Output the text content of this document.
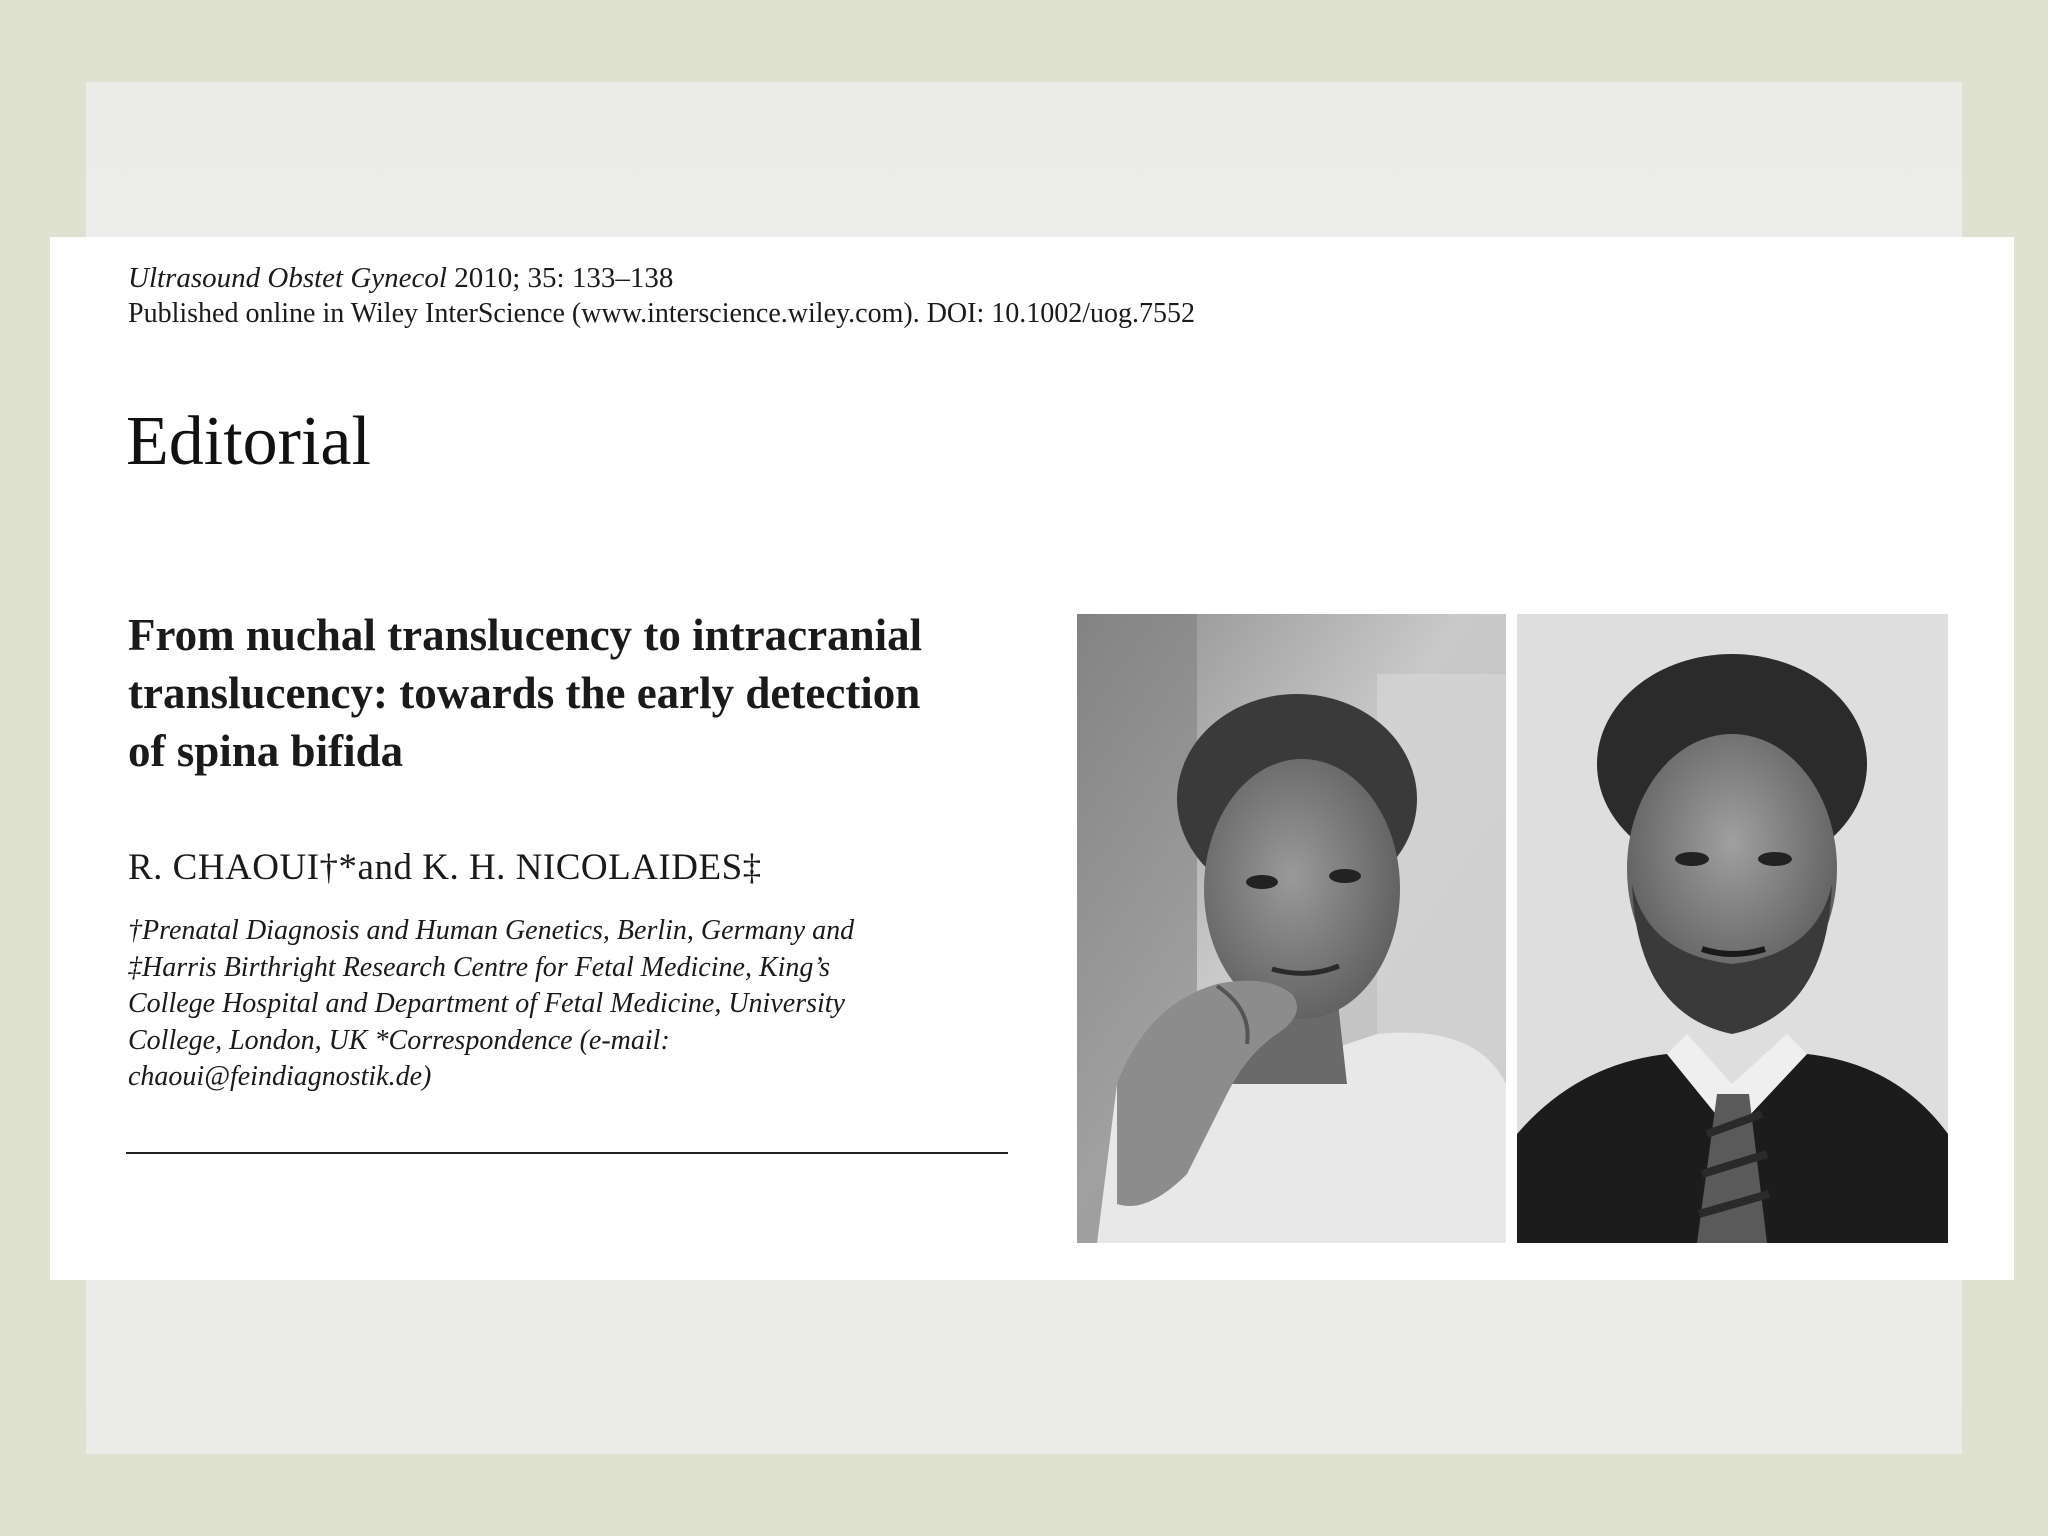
Ultrasound Obstet Gynecol 2010; 35: 133–138
Published online in Wiley InterScience (www.interscience.wiley.com). DOI: 10.1002/uog.7552
Editorial
From nuchal translucency to intracranial
translucency: towards the early detection
of spina bifida
R. CHAOUI†*and K. H. NICOLAIDES‡
†Prenatal Diagnosis and Human Genetics, Berlin, Germany and
‡Harris Birthright Research Centre for Fetal Medicine, King’s
College Hospital and Department of Fetal Medicine, University
College, London, UK *Correspondence (e-mail:
chaoui@feindiagnostik.de)
